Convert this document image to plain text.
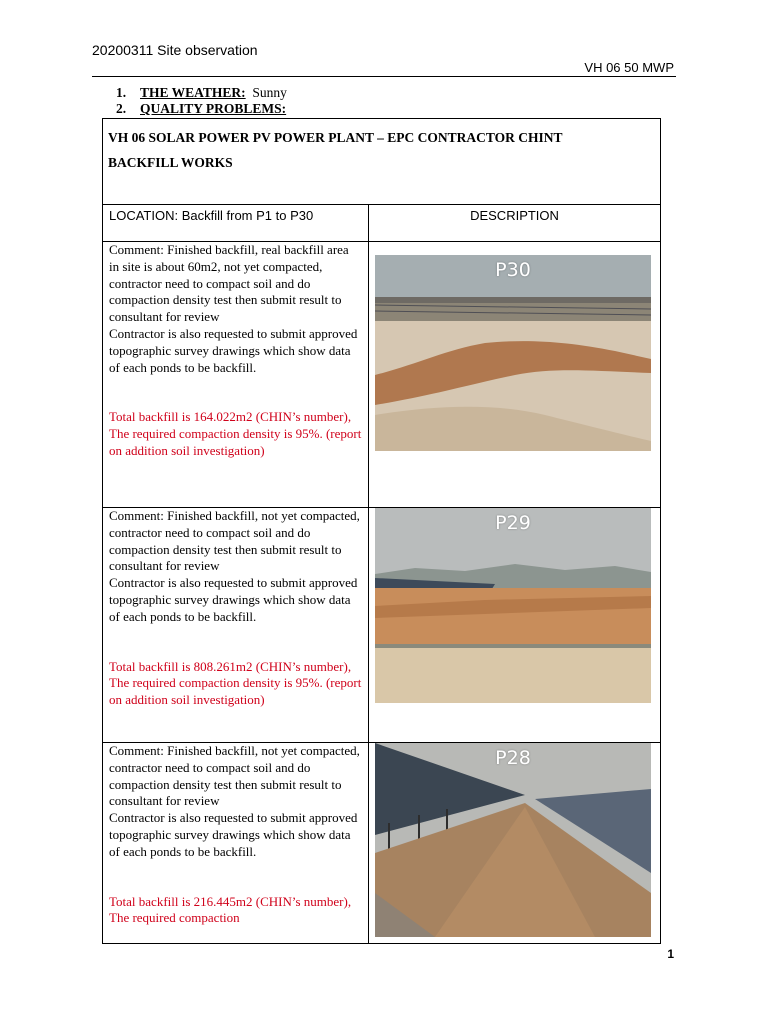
20200311 Site observation
VH 06 50 MWP
1. THE WEATHER: Sunny
2. QUALITY PROBLEMS:
VH 06 SOLAR POWER PV POWER PLANT – EPC CONTRACTOR CHINT
BACKFILL WORKS	

LOCATION: Backfill from P1 to P30	DESCRIPTION

Comment: Finished backfill, real backfill area in site is about 60m2, not yet compacted, contractor need to compact soil and do compaction density test then submit result to consultant for review

Contractor is also requested to submit approved topographic survey drawings which show data of each ponds to be backfill.

Total backfill is 164.022m2 (CHIN’s number), The required compaction density is 95%. (report on addition soil investigation)	P30

Comment: Finished backfill, not yet compacted, contractor need to compact soil and do compaction density test then submit result to consultant for review

Contractor is also requested to submit approved topographic survey drawings which show data of each ponds to be backfill.

Total backfill is 808.261m2 (CHIN’s number), The required compaction density is 95%. (report on addition soil investigation)	P29

Comment: Finished backfill, not yet compacted, contractor need to compact soil and do compaction density test then submit result to consultant for review

Contractor is also requested to submit approved topographic survey drawings which show data of each ponds to be backfill.

Total backfill is 216.445m2 (CHIN’s number), The required compaction	P28
1
